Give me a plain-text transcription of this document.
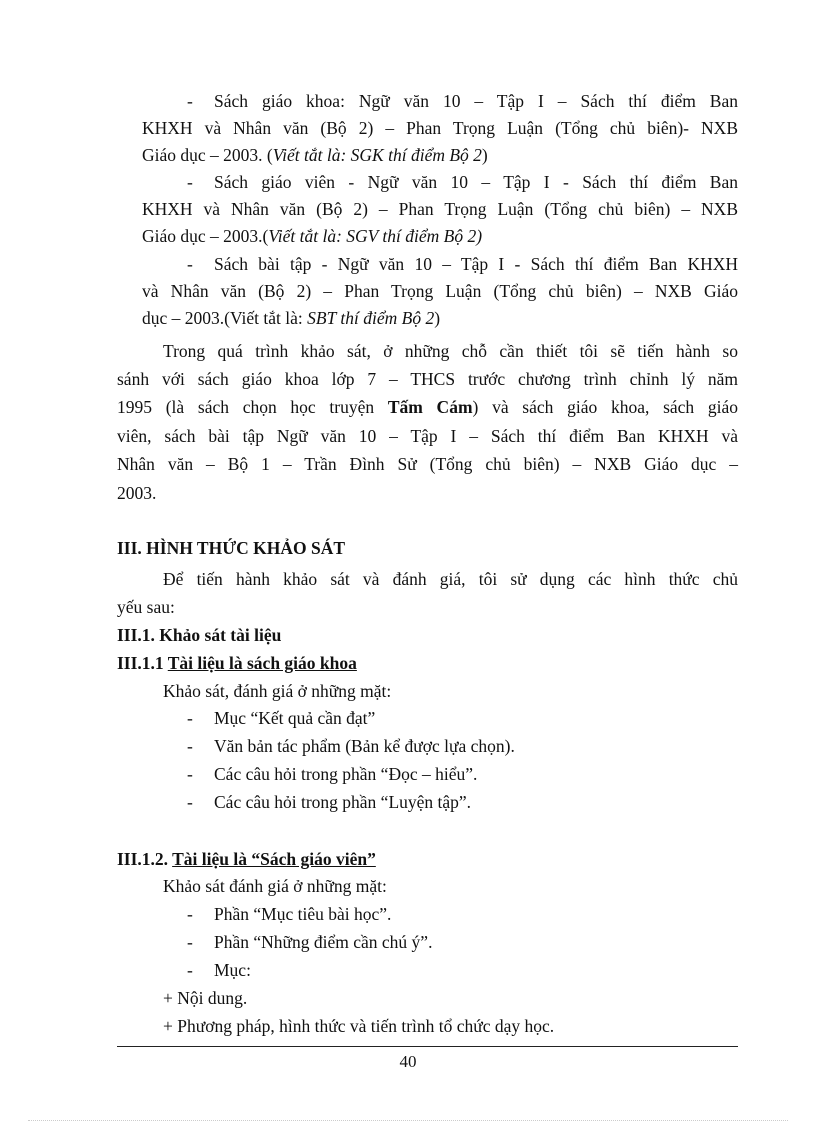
- Sách giáo khoa: Ngữ văn 10 – Tập I – Sách thí điểm Ban
KHXH và Nhân văn (Bộ 2) – Phan Trọng Luận (Tổng chủ biên)- NXB
Giáo dục – 2003. (Viết tắt là: SGK thí điểm Bộ 2)
- Sách giáo viên - Ngữ văn 10 – Tập I - Sách thí điểm Ban
KHXH và Nhân văn (Bộ 2) – Phan Trọng Luận (Tổng chủ biên) – NXB
Giáo dục – 2003.(Viết tắt là: SGV thí điểm Bộ 2)
- Sách bài tập - Ngữ văn 10 – Tập I - Sách thí điểm Ban KHXH
và Nhân văn (Bộ 2) – Phan Trọng Luận (Tổng chủ biên) – NXB Giáo
dục – 2003.(Viết tắt là: SBT thí điểm Bộ 2)
Trong quá trình khảo sát, ở những chỗ cần thiết tôi sẽ tiến hành so
sánh với sách giáo khoa lớp 7 – THCS trước chương trình chỉnh lý năm
1995 (là sách chọn học truyện Tấm Cám) và sách giáo khoa, sách giáo
viên, sách bài tập Ngữ văn 10 – Tập I – Sách thí điểm Ban KHXH và
Nhân văn – Bộ 1 – Trần Đình Sử (Tổng chủ biên) – NXB Giáo dục –
2003.
III. HÌNH THỨC KHẢO SÁT
Để tiến hành khảo sát và đánh giá, tôi sử dụng các hình thức chủ
yếu sau:
III.1. Khảo sát tài liệu
III.1.1 Tài liệu là sách giáo khoa
Khảo sát, đánh giá ở những mặt:
- Mục “Kết quả cần đạt”
- Văn bản tác phẩm (Bản kể được lựa chọn).
- Các câu hỏi trong phần “Đọc – hiểu”.
- Các câu hỏi trong phần “Luyện tập”.
III.1.2. Tài liệu là “Sách giáo viên”
Khảo sát đánh giá ở những mặt:
- Phần “Mục tiêu bài học”.
- Phần “Những điểm cần chú ý”.
- Mục:
+ Nội dung.
+ Phương pháp, hình thức và tiến trình tổ chức dạy học.
40
